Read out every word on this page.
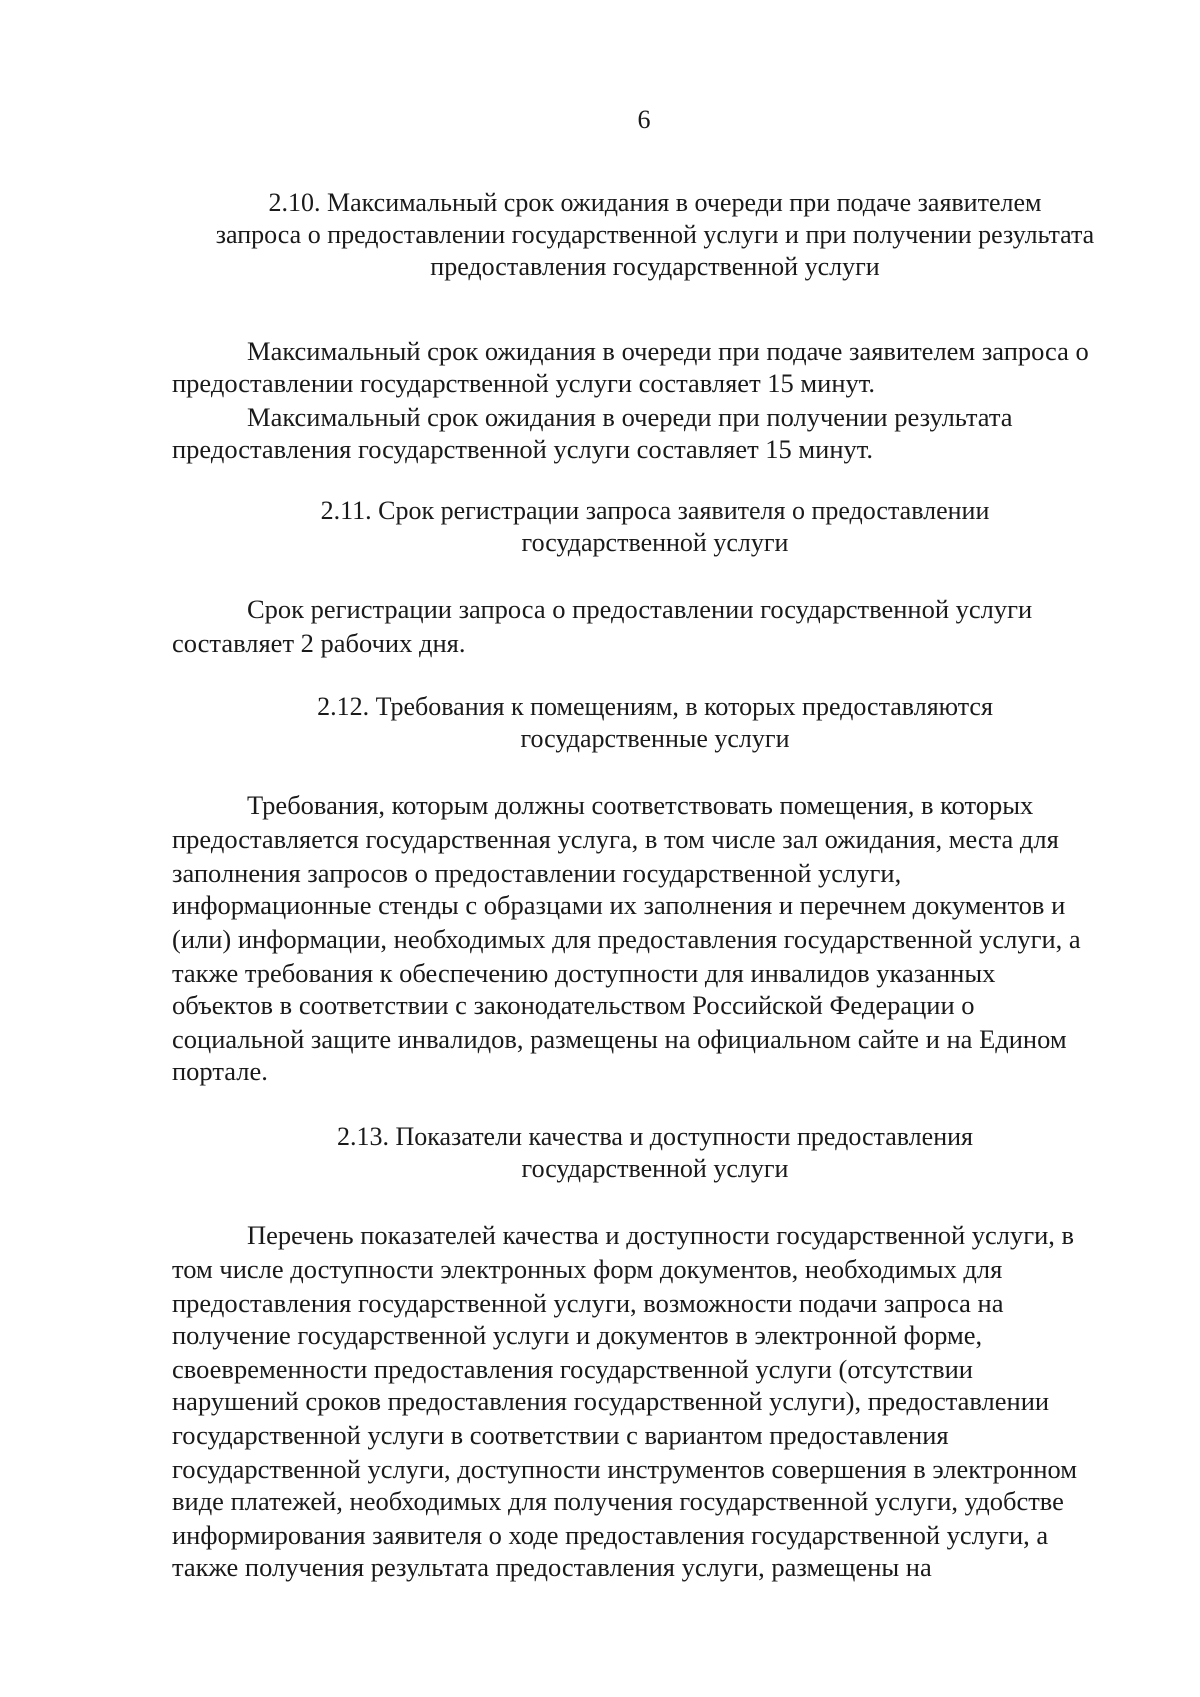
6
2.10. Максимальный срок ожидания в очереди при подаче заявителем
запроса о предоставлении государственной услуги и при получении результата
предоставления государственной услуги
Максимальный срок ожидания в очереди при подаче заявителем запроса о
предоставлении государственной услуги составляет 15 минут.
Максимальный срок ожидания в очереди при получении результата
предоставления государственной услуги составляет 15 минут.
2.11. Срок регистрации запроса заявителя о предоставлении
государственной услуги
Срок регистрации запроса о предоставлении государственной услуги
составляет 2 рабочих дня.
2.12. Требования к помещениям, в которых предоставляются
государственные услуги
Требования, которым должны соответствовать помещения, в которых
предоставляется государственная услуга, в том числе зал ожидания, места для
заполнения запросов о предоставлении государственной услуги,
информационные стенды с образцами их заполнения и перечнем документов и
(или) информации, необходимых для предоставления государственной услуги, а
также требования к обеспечению доступности для инвалидов указанных
объектов в соответствии с законодательством Российской Федерации о
социальной защите инвалидов, размещены на официальном сайте и на Едином
портале.
2.13. Показатели качества и доступности предоставления
государственной услуги
Перечень показателей качества и доступности государственной услуги, в
том числе доступности электронных форм документов, необходимых для
предоставления государственной услуги, возможности подачи запроса на
получение государственной услуги и документов в электронной форме,
своевременности предоставления государственной услуги (отсутствии
нарушений сроков предоставления государственной услуги), предоставлении
государственной услуги в соответствии с вариантом предоставления
государственной услуги, доступности инструментов совершения в электронном
виде платежей, необходимых для получения государственной услуги, удобстве
информирования заявителя о ходе предоставления государственной услуги, а
также получения результата предоставления услуги, размещены на
